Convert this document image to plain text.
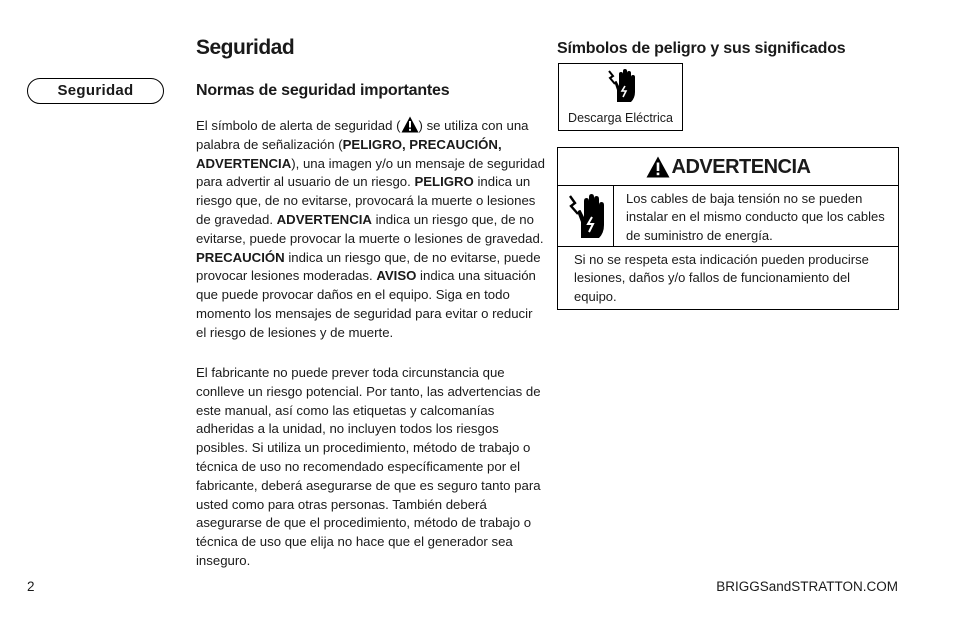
Seguridad
Seguridad	Normas de seguridad importantes

El símbolo de alerta de seguridad ( ) se utiliza con una palabra de señalización (PELIGRO, PRECAUCIÓN, ADVERTENCIA), una imagen y/o un mensaje de seguridad para advertir al usuario de un riesgo. PELIGRO indica un riesgo que, de no evitarse, provocará la muerte o lesiones de gravedad. ADVERTENCIA indica un riesgo que, de no evitarse, puede provocar la muerte o lesiones de gravedad. PRECAUCIÓN indica un riesgo que, de no evitarse, puede provocar lesiones moderadas. AVISO indica una situación que puede provocar daños en el equipo. Siga en todo momento los mensajes de seguridad para evitar o reducir el riesgo de lesiones y de muerte.

El fabricante no puede prever toda circunstancia que conlleve un riesgo potencial. Por tanto, las advertencias de este manual, así como las etiquetas y calcomanías adheridas a la unidad, no incluyen todos los riesgos posibles. Si utiliza un procedimiento, método de trabajo o técnica de uso no recomendado específicamente por el fabricante, deberá asegurarse de que es seguro tanto para usted como para otras personas. También deberá asegurarse de que el procedimiento, método de trabajo o técnica de uso que elija no hace que el generador sea inseguro.

Símbolos de peligro y sus significados
Descarga Eléctrica
ADVERTENCIA

Los cables de baja tensión no se pueden instalar en el mismo conducto que los cables de suministro de energía.

Si no se respeta esta indicación pueden producirse lesiones, daños y/o fallos de funcionamiento del equipo.

2	BRIGGSandSTRATTON.COM
